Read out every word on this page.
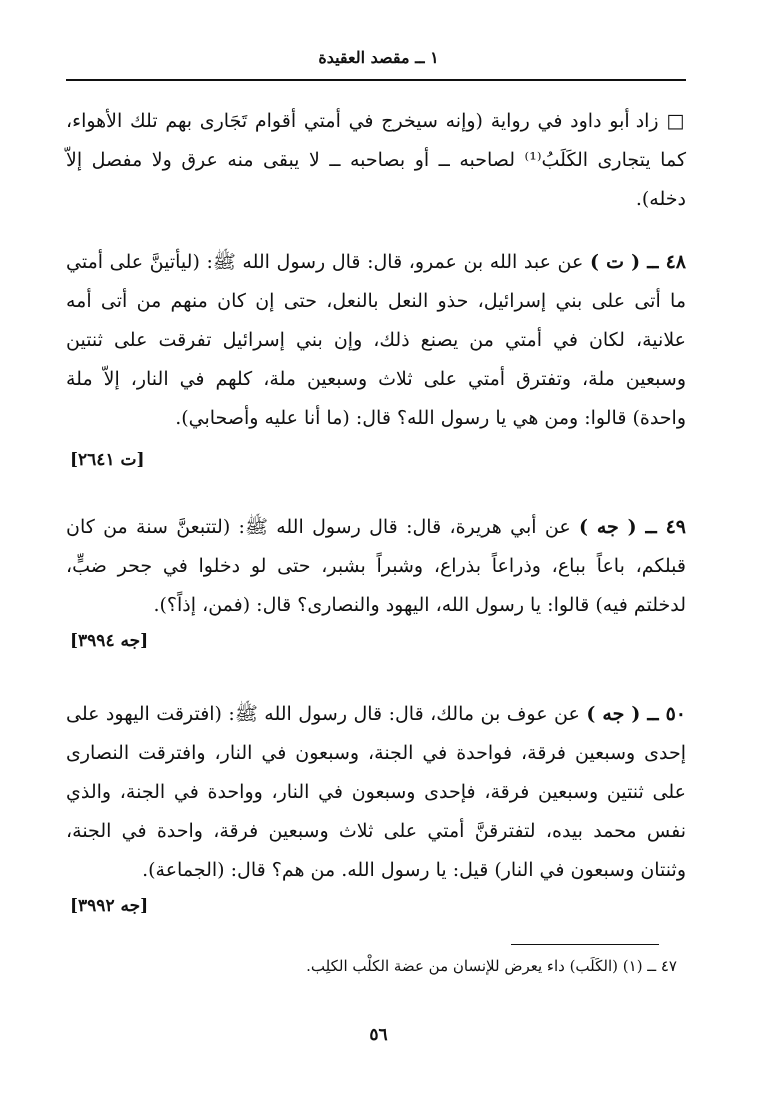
١ ــ مقصد العقيدة

□ زاد أبو داود في رواية (وإنه سيخرج في أمتي أقوام تَجَارى بهم تلك الأهواء، كما يتجارى الكَلَبُ⁽¹⁾ لصاحبه ــ أو بصاحبه ــ لا يبقى منه عرق ولا مفصل إلاّ دخله).

٤٨ ــ ( ت ) عن عبد الله بن عمرو، قال: قال رسول الله ﷺ: (ليأتينَّ على أمتي ما أتى على بني إسرائيل، حذو النعل بالنعل، حتى إن كان منهم من أتى أمه علانية، لكان في أمتي من يصنع ذلك، وإن بني إسرائيل تفرقت على ثنتين وسبعين ملة، وتفترق أمتي على ثلاث وسبعين ملة، كلهم في النار، إلاّ ملة واحدة) قالوا: ومن هي يا رسول الله؟ قال: (ما أنا عليه وأصحابي).

[ت ٢٦٤١]

٤٩ ــ ( جه ) عن أبي هريرة، قال: قال رسول الله ﷺ: (لتتبعنَّ سنة من كان قبلكم، باعاً بباع، وذراعاً بذراع، وشبراً بشبر، حتى لو دخلوا في جحر ضبٍّ، لدخلتم فيه) قالوا: يا رسول الله، اليهود والنصارى؟ قال: (فمن، إذاً؟).

[جه ٣٩٩٤]

٥٠ ــ ( جه ) عن عوف بن مالك، قال: قال رسول الله ﷺ: (افترقت اليهود على إحدى وسبعين فرقة، فواحدة في الجنة، وسبعون في النار، وافترقت النصارى على ثنتين وسبعين فرقة، فإحدى وسبعون في النار، وواحدة في الجنة، والذي نفس محمد بيده، لتفترقنَّ أمتي على ثلاث وسبعين فرقة، واحدة في الجنة، وثنتان وسبعون في النار) قيل: يا رسول الله. من هم؟ قال: (الجماعة).

[جه ٣٩٩٢]
٤٧ ــ (١) (الكَلَب) داء يعرض للإنسان من عضة الكلْب الكلِب.
٥٦
